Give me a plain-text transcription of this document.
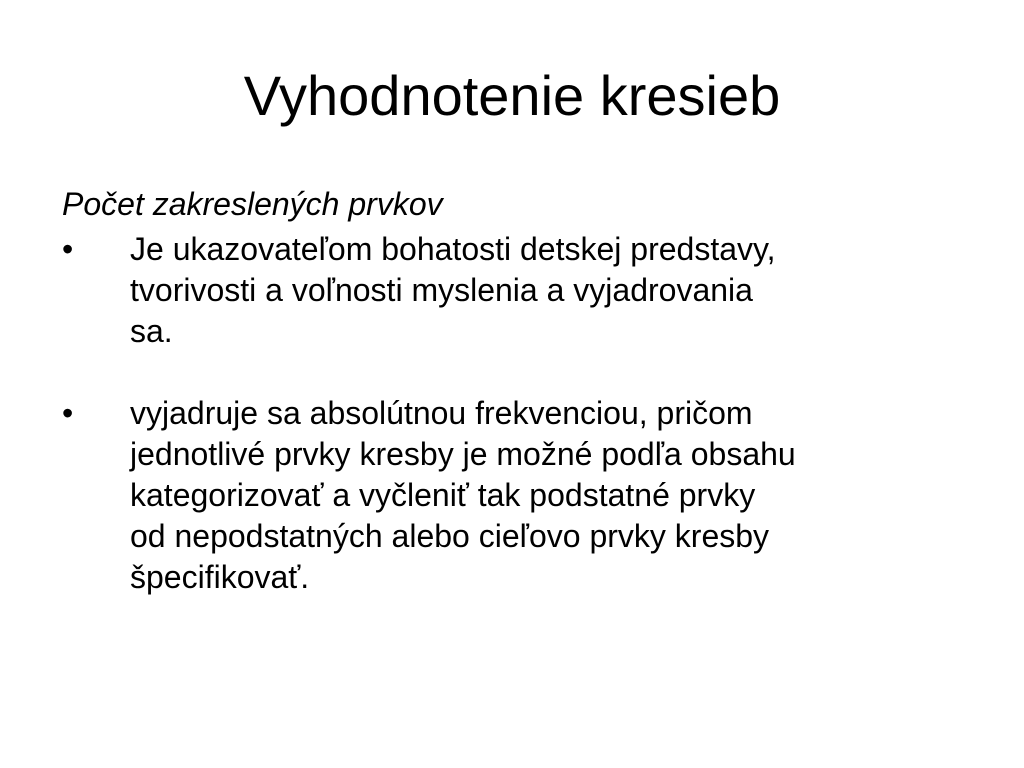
Vyhodnotenie kresieb
Počet zakreslených prvkov
•	Je ukazovateľom bohatosti detskej predstavy,
tvorivosti a voľnosti myslenia a vyjadrovania
sa.
•	vyjadruje sa absolútnou frekvenciou, pričom
jednotlivé prvky kresby je možné podľa obsahu
kategorizovať a vyčleniť tak podstatné prvky
od nepodstatných alebo cieľovo prvky kresby
špecifikovať.
